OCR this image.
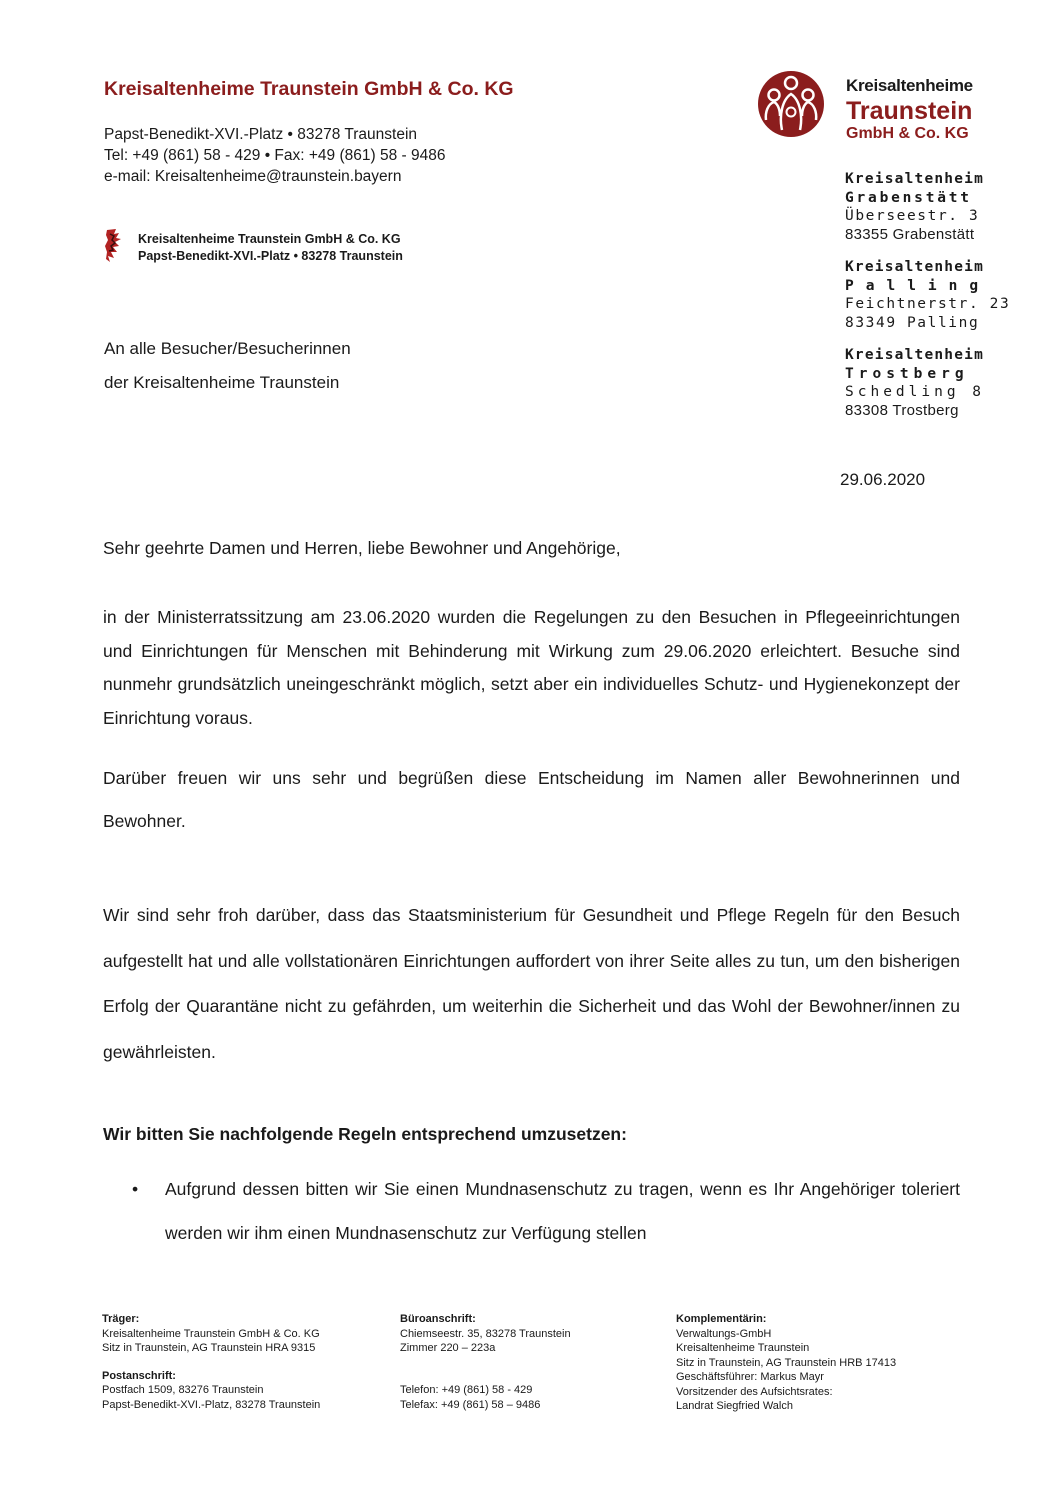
Kreisaltenheime Traunstein GmbH & Co. KG
Papst-Benedikt-XVI.-Platz • 83278 Traunstein
Tel: +49 (861) 58 - 429 • Fax: +49 (861) 58 - 9486
e-mail: Kreisaltenheime@traunstein.bayern
Kreisaltenheime Traunstein GmbH & Co. KG
Papst-Benedikt-XVI.-Platz • 83278 Traunstein
An alle Besucher/Besucherinnen
der Kreisaltenheime Traunstein
Kreisaltenheime
Traunstein
GmbH & Co. KG
Kreisaltenheim
Grabenstätt
Überseestr. 3
83355 Grabenstätt
Kreisaltenheim
Palling
Feichtnerstr. 23
83349 Palling
Kreisaltenheim
Trostberg
Schedling 8
83308 Trostberg
29.06.2020
Sehr geehrte Damen und Herren, liebe Bewohner und Angehörige,
in der Ministerratssitzung am 23.06.2020 wurden die Regelungen zu den Besuchen in Pflegeeinrichtungen und Einrichtungen für Menschen mit Behinderung mit Wirkung zum 29.06.2020 erleichtert. Besuche sind nunmehr grundsätzlich uneingeschränkt möglich, setzt aber ein individuelles Schutz- und Hygienekonzept der Einrichtung voraus.
Darüber freuen wir uns sehr und begrüßen diese Entscheidung im Namen aller Bewohnerinnen und Bewohner.
Wir sind sehr froh darüber, dass das Staatsministerium für Gesundheit und Pflege Regeln für den Besuch aufgestellt hat und alle vollstationären Einrichtungen auffordert von ihrer Seite alles zu tun, um den bisherigen Erfolg der Quarantäne nicht zu gefährden, um weiterhin die Sicherheit und das Wohl der Bewohner/innen zu gewährleisten.
Wir bitten Sie nachfolgende Regeln entsprechend umzusetzen:
• Aufgrund dessen bitten wir Sie einen Mundnasenschutz zu tragen, wenn es Ihr Angehöriger toleriert werden wir ihm einen Mundnasenschutz zur Verfügung stellen
Träger:
Kreisaltenheime Traunstein GmbH & Co. KG
Sitz in Traunstein, AG Traunstein HRA 9315
Postanschrift:
Postfach 1509, 83276 Traunstein
Papst-Benedikt-XVI.-Platz, 83278 Traunstein
Büroanschrift:
Chiemseestr. 35, 83278 Traunstein
Zimmer 220 – 223a
Telefon: +49 (861) 58 - 429
Telefax: +49 (861) 58 – 9486
Komplementärin:
Verwaltungs-GmbH
Kreisaltenheime Traunstein
Sitz in Traunstein, AG Traunstein HRB 17413
Geschäftsführer: Markus Mayr
Vorsitzender des Aufsichtsrates:
Landrat Siegfried Walch
